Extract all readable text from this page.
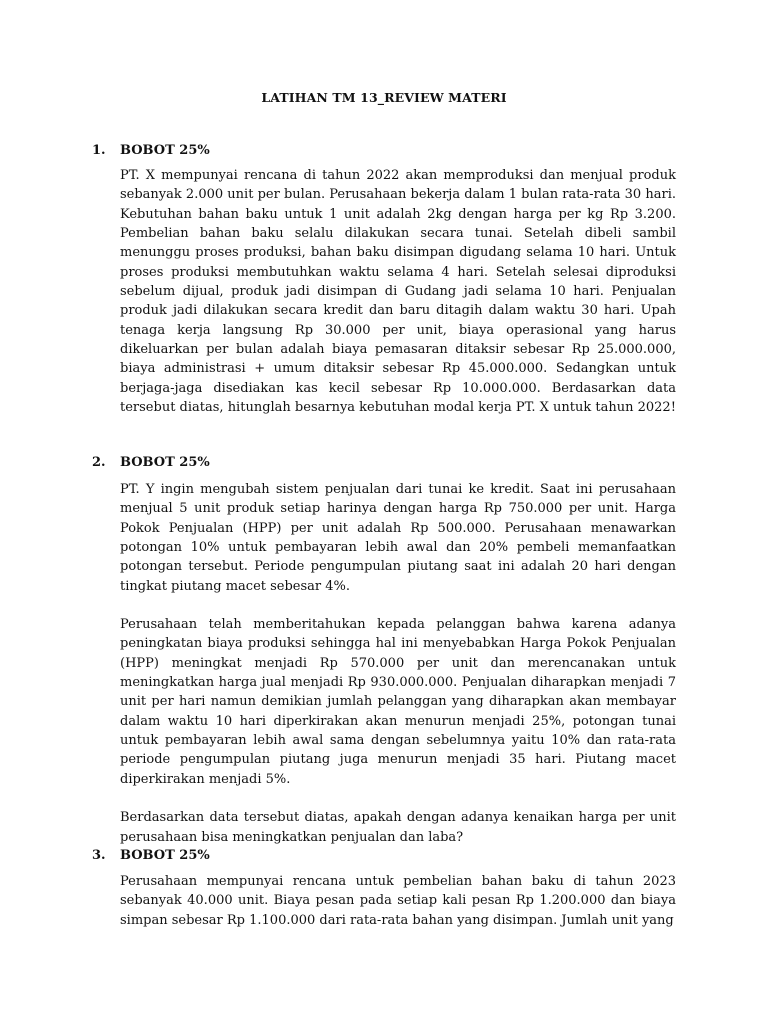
LATIHAN TM 13_REVIEW MATERI
1. BOBOT 25%

PT. X mempunyai rencana di tahun 2022 akan memproduksi dan menjual produk sebanyak 2.000 unit per bulan. Perusahaan bekerja dalam 1 bulan rata-rata 30 hari. Kebutuhan bahan baku untuk 1 unit adalah 2kg dengan harga per kg Rp 3.200. Pembelian bahan baku selalu dilakukan secara tunai. Setelah dibeli sambil menunggu proses produksi, bahan baku disimpan digudang selama 10 hari. Untuk proses produksi membutuhkan waktu selama 4 hari. Setelah selesai diproduksi sebelum dijual, produk jadi disimpan di Gudang jadi selama 10 hari. Penjualan produk jadi dilakukan secara kredit dan baru ditagih dalam waktu 30 hari. Upah tenaga kerja langsung Rp 30.000 per unit, biaya operasional yang harus dikeluarkan per bulan adalah biaya pemasaran ditaksir sebesar Rp 25.000.000, biaya administrasi + umum ditaksir sebesar Rp 45.000.000. Sedangkan untuk berjaga-jaga disediakan kas kecil sebesar Rp 10.000.000. Berdasarkan data tersebut diatas, hitunglah besarnya kebutuhan modal kerja PT. X untuk tahun 2022!

2. BOBOT 25%

PT. Y ingin mengubah sistem penjualan dari tunai ke kredit. Saat ini perusahaan menjual 5 unit produk setiap harinya dengan harga Rp 750.000 per unit. Harga Pokok Penjualan (HPP) per unit adalah Rp 500.000. Perusahaan menawarkan potongan 10% untuk pembayaran lebih awal dan 20% pembeli memanfaatkan potongan tersebut. Periode pengumpulan piutang saat ini adalah 20 hari dengan tingkat piutang macet sebesar 4%.

Perusahaan telah memberitahukan kepada pelanggan bahwa karena adanya peningkatan biaya produksi sehingga hal ini menyebabkan Harga Pokok Penjualan (HPP) meningkat menjadi Rp 570.000 per unit dan merencanakan untuk meningkatkan harga jual menjadi Rp 930.000.000. Penjualan diharapkan menjadi 7 unit per hari namun demikian jumlah pelanggan yang diharapkan akan membayar dalam waktu 10 hari diperkirakan akan menurun menjadi 25%, potongan tunai untuk pembayaran lebih awal sama dengan sebelumnya yaitu 10% dan rata-rata periode pengumpulan piutang juga menurun menjadi 35 hari. Piutang macet diperkirakan menjadi 5%.

Berdasarkan data tersebut diatas, apakah dengan adanya kenaikan harga per unit perusahaan bisa meningkatkan penjualan dan laba?

3. BOBOT 25%

Perusahaan mempunyai rencana untuk pembelian bahan baku di tahun 2023 sebanyak 40.000 unit. Biaya pesan pada setiap kali pesan Rp 1.200.000 dan biaya simpan sebesar Rp 1.100.000 dari rata-rata bahan yang disimpan. Jumlah unit yang
